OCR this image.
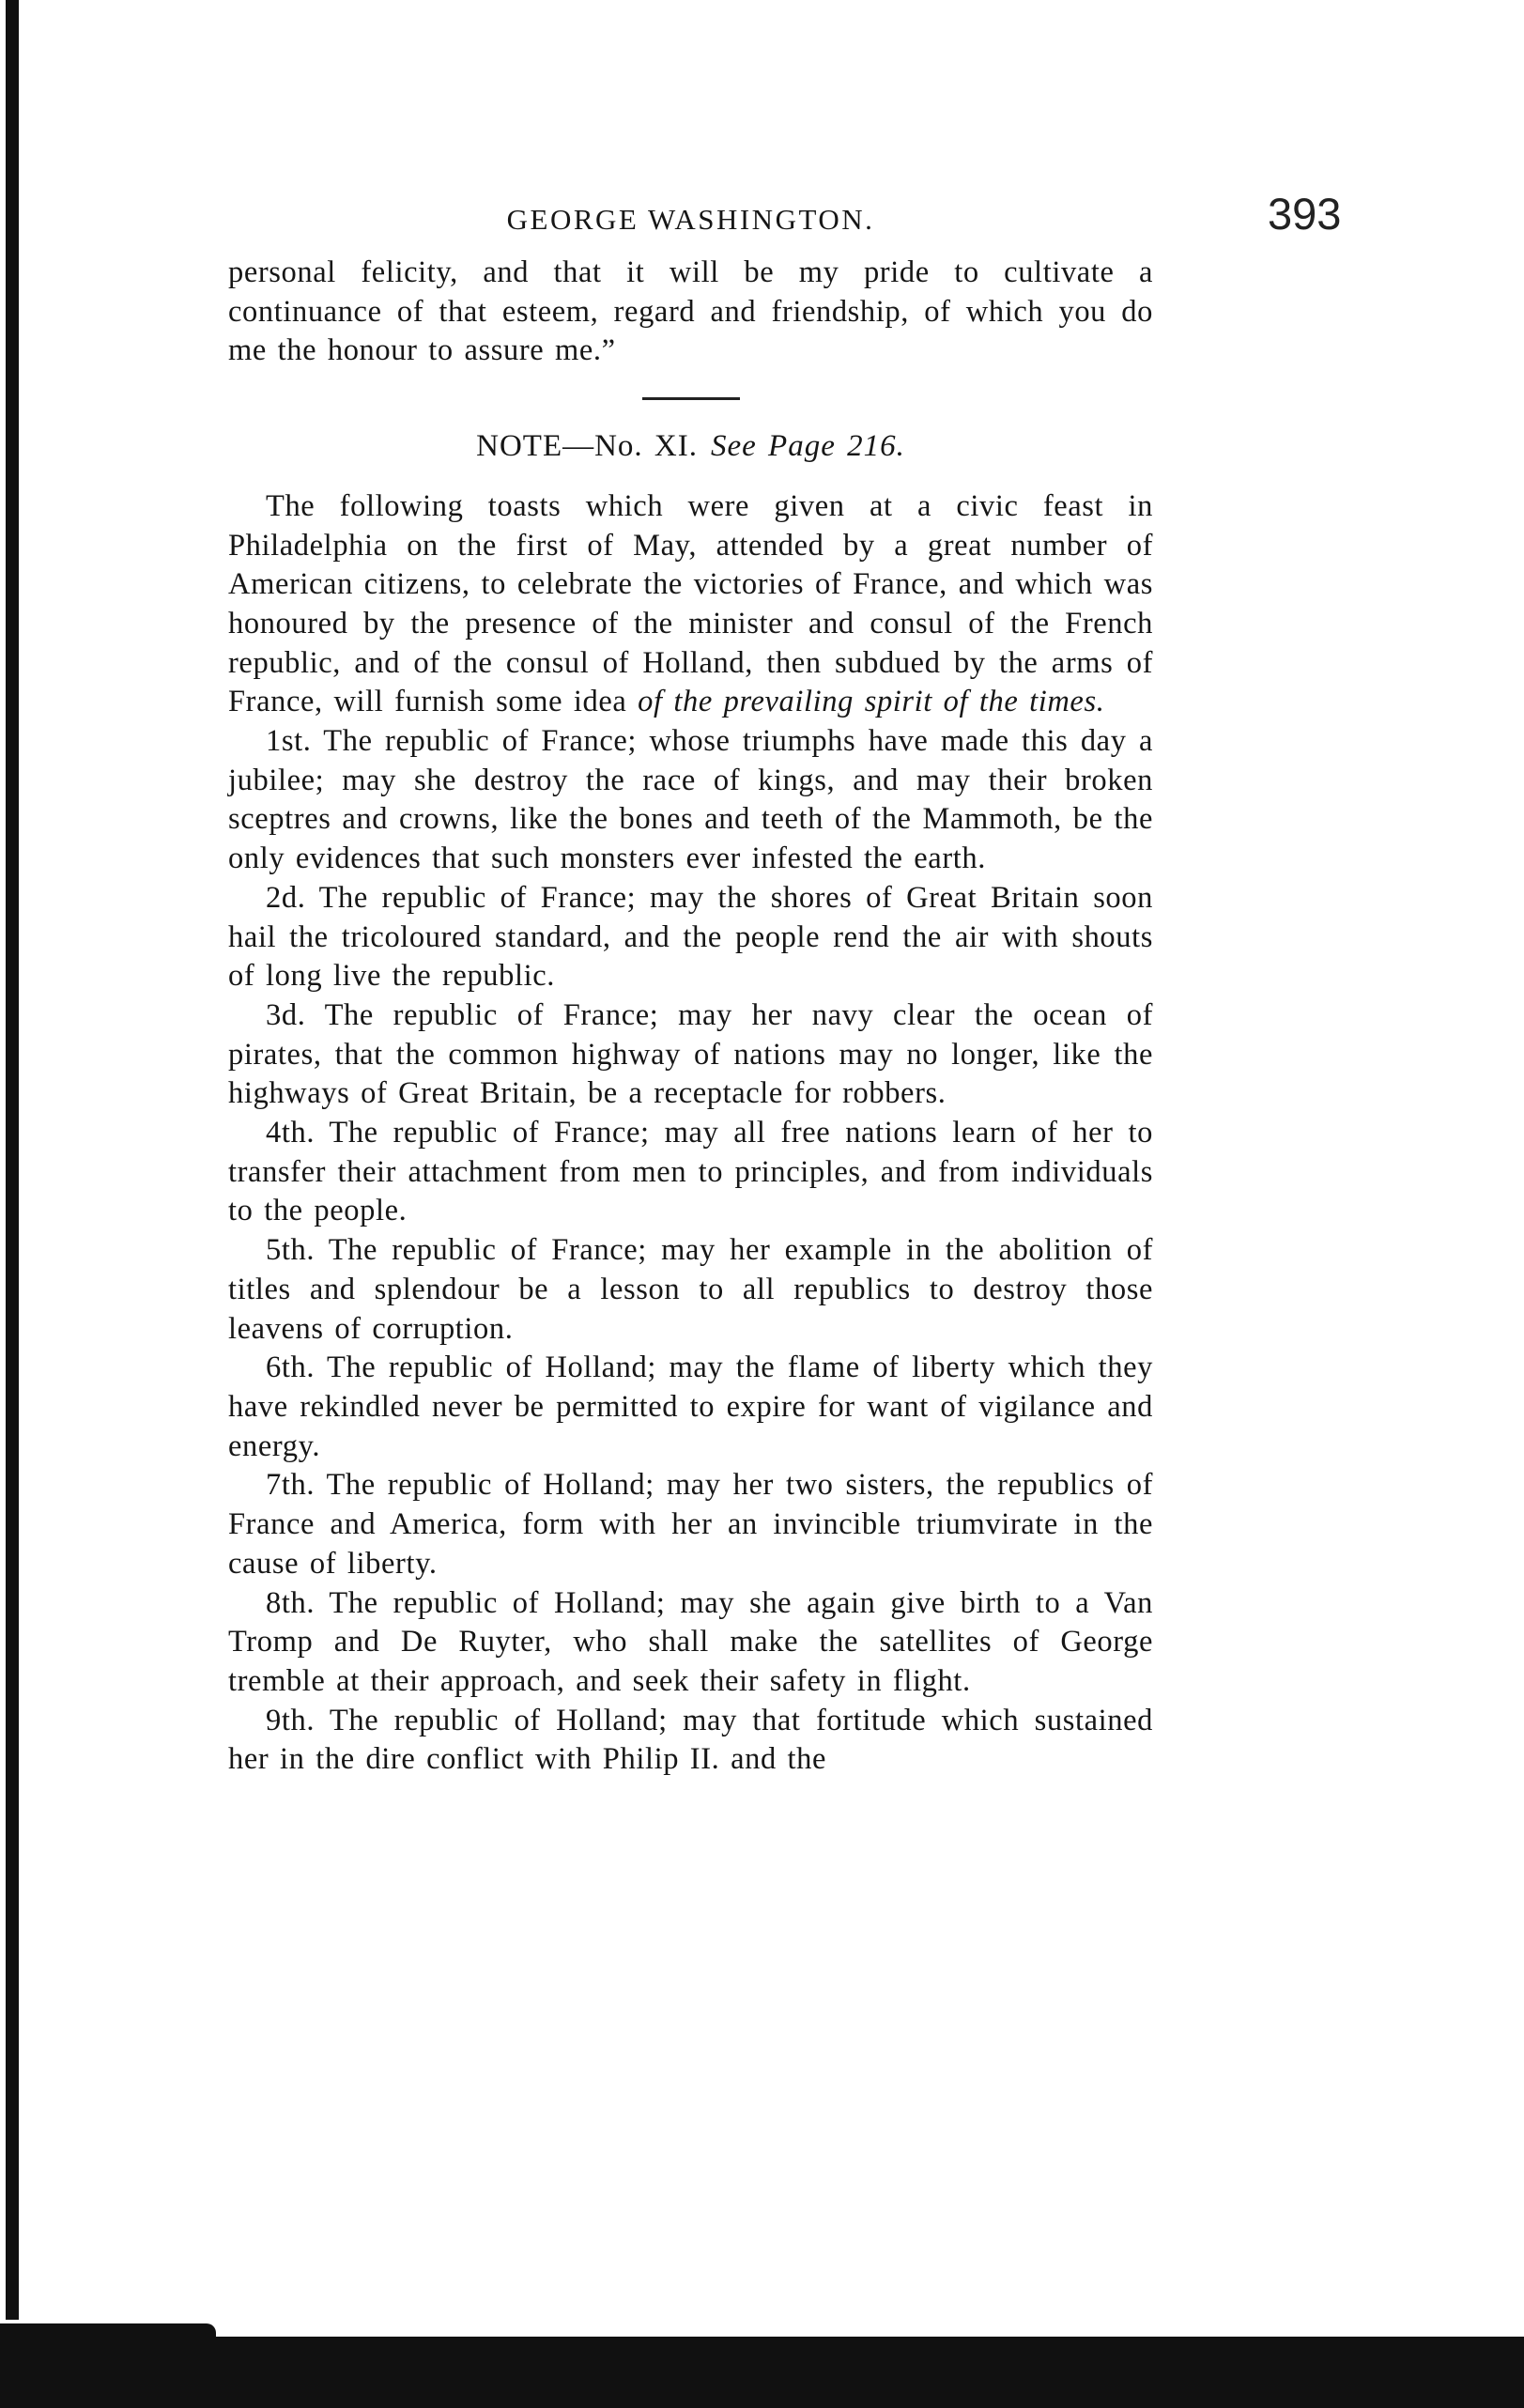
GEORGE WASHINGTON.	393

personal felicity, and that it will be my pride to cultivate a continuance of that esteem, regard and friendship, of which you do me the honour to assure me.”

NOTE—No. XI. See Page 216.

The following toasts which were given at a civic feast in Philadelphia on the first of May, attended by a great number of American citizens, to celebrate the victories of France, and which was honoured by the presence of the minister and consul of the French republic, and of the consul of Holland, then subdued by the arms of France, will furnish some idea of the prevailing spirit of the times.

1st. The republic of France; whose triumphs have made this day a jubilee; may she destroy the race of kings, and may their broken sceptres and crowns, like the bones and teeth of the Mammoth, be the only evidences that such monsters ever infested the earth.

2d. The republic of France; may the shores of Great Britain soon hail the tricoloured standard, and the people rend the air with shouts of long live the republic.

3d. The republic of France; may her navy clear the ocean of pirates, that the common highway of nations may no longer, like the highways of Great Britain, be a receptacle for robbers.

4th. The republic of France; may all free nations learn of her to transfer their attachment from men to principles, and from individuals to the people.

5th. The republic of France; may her example in the abolition of titles and splendour be a lesson to all republics to destroy those leavens of corruption.

6th. The republic of Holland; may the flame of liberty which they have rekindled never be permitted to expire for want of vigilance and energy.

7th. The republic of Holland; may her two sisters, the republics of France and America, form with her an invincible triumvirate in the cause of liberty.

8th. The republic of Holland; may she again give birth to a Van Tromp and De Ruyter, who shall make the satellites of George tremble at their approach, and seek their safety in flight.

9th. The republic of Holland; may that fortitude which sustained her in the dire conflict with Philip II. and the
